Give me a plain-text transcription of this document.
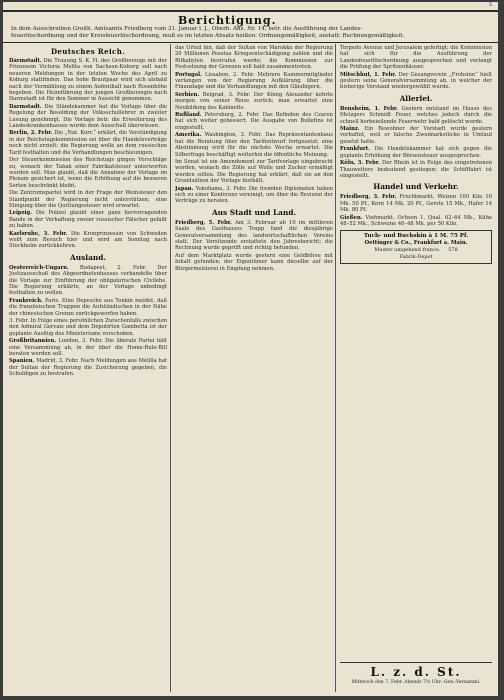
5
Berichtigung.
In dem Ausschreiben Großh. Amtsamts Friedberg vom 31. Januar l. J., Oberh. Anz. Nr. 14, betr. die Ausführung der Landes-
feuerlöschordnung und der Kreisfeuerlöschordnung, muß es im letzten Absatz heißen: Ordnungsmäßigkeit, anstatt: Rechnungsmäßigkeit.
Deutsches Reich.
Darmstadt. Die Trauung S. K. H. des Großherzogs mit der Prinzessin Victoria Melita von Sachsen-Koburg soll nach neueren Meldungen in der letzten Woche des April zu Koburg stattfinden. Das hohe Brautpaar wird sich alsbald nach der Vermählung zu einem Aufenthalt nach Rosenhöhe begeben. Die Heimführung der jungen Großherzogin nach Darmstadt ist für den Sommer in Aussicht genommen.
Darmstadt. Die Ständekammer hat die Vorlage über die Regelung der Besoldung der Volksschullehrer in zweiter Lesung genehmigt. Die Vorlage betr. die Erweiterung des Landeskrankenhauses wurde dem Ausschuß überwiesen.
Berlin, 2. Febr. Die „Nat. Korr.“ erklärt, die Verständigung in der Reichstagskommission sei über die Handelsverträge noch nicht erzielt; die Regierung wolle an dem russischen Tarif festhalten und die Verhandlungen beschleunigen.
Der Steuerkommission des Reichstags gingen Vorschläge zu, wonach der Tabak einer Fabrikatsteuer unterworfen werden soll. Man glaubt, daß die Annahme der Vorlage im Plenum gesichert ist, wenn die Erhöhung auf die besseren Sorten beschränkt bleibt.
Die Zentrumspartei wird in der Frage der Weinsteuer den Standpunkt der Regierung nicht unterstützen; eine Einigung über die Quittungssteuer wird erwartet.
Leipzig. Die Polizei glaubt einer ganz hervorragenden Bande in der Verhaftung zweier russischer Fälscher gefaßt zu haben.
Karlsruhe, 3. Febr. Die Kronprinzessin von Schweden weilt zum Besuch hier und wird am Sonntag nach Stockholm zurückkehren.
Ausland.
Oesterreich-Ungarn. Budapest, 2. Febr. Der Justizausschuß des Abgeordnetenhauses verhandelte über die Vorlage zur Einführung der obligatorischen Civilehe. Die Regierung erklärte, an der Vorlage unbedingt festhalten zu wollen.
Frankreich. Paris. Eine Depesche aus Tonkin meldet, daß die französischen Truppen die Aufständischen in der Nähe der chinesischen Grenze zurückgeworfen haben.
3. Febr. In Folge eines persönlichen Zwischenfalls zwischen den Admiral Gervais und dem Deputirten Gambetta ist der geplante Ausflug des Ministeriums verschoben.
Großbritannien. London, 3. Febr. Die liberale Partei hält eine Versammlung ab, in der über die Home-Rule-Bill beraten werden soll.
Spanien. Madrid, 3. Febr. Nach Meldungen aus Melilla hat der Sultan der Regierung die Zusicherung gegeben, die Schuldigen zu bestrafen.
das Urteil hin, daß der Sultan von Marokko der Regierung 20 Millionen Pesetas Kriegsentschädigung zahlen und die Rifkabylen bestrafen werde; die Kommission zur Festsetzung der Grenzen soll bald zusammentreten.
Portugal. Lissabon, 2. Febr. Mehrere Kammermitglieder verlangen von der Regierung Aufklärung über die Finanzlage und die Verhandlungen mit den Gläubigern.
Serbien. Belgrad, 3. Febr. Der König Alexander kehrte morgen von seiner Reise zurück; man erwartet eine Neubildung des Kabinetts.
Rußland. Petersburg, 2. Febr. Das Befinden des Czaren hat sich weiter gebessert. Die Ausgabe von Bulletins ist eingestellt.
Amerika. Washington, 3. Febr. Das Repräsentantenhaus hat die Beratung über den Tarifentwurf fortgesetzt; eine Abstimmung wird für die nächste Woche erwartet. Die Silberfrage beschäftigt weiterhin die öffentliche Meinung.
Im Senat ist ein Amendement zur Tarifvorlage eingebracht worden, wonach die Zölle auf Wolle und Zucker ermäßigt werden sollen. Die Regierung hat erklärt, daß sie an den Grundsätzen der Vorlage festhält.
Japan. Yokohama, 3. Febr. Die fremden Diplomaten haben sich zu einer Konferenz vereinigt, um über die Revision der Verträge zu beraten.
Aus Stadt und Land.
Friedberg, 5. Febr. Am 3. Februar ab 10 im mittleren Saale des Gasthauses Trapp fand die diesjährige Generalversammlung des landwirtschaftlichen Vereins statt. Der Vorsitzende erstattete den Jahresbericht; die Rechnung wurde geprüft und richtig befunden.
Auf dem Marktplatz wurde gestern eine Geldbörse mit Inhalt gefunden; der Eigentümer kann dieselbe auf der Bürgermeisterei in Empfang nehmen.
Torpedo Avenue und Jerusalem gefertigt; die Kommission hat sich für die Ausführung der Landesfeuerlöschordnung ausgesprochen und verlangt die Prüfung der Spritzenhäuser.
Mitschhut, 1. Febr. Der Gesangverein „Frohsinn“ hielt gestern seine Generalversammlung ab, in welcher der bisherige Vorstand wiedergewählt wurde.
Allerlei.
Bensheim, 1. Febr. Gestern entstand im Hause des Metzgers Schmidt Feuer, welches jedoch durch die schnell herbeieilende Feuerwehr bald gelöscht wurde.
Mainz. Ein Bewohner der Vorstadt wurde gestern verhaftet, weil er falsche Zweimarkstücke in Umlauf gesetzt hatte.
Frankfurt. Die Handelskammer hat sich gegen die geplante Erhöhung der Börsensteuer ausgesprochen.
Köln, 3. Febr. Der Rhein ist in Folge des eingetretenen Thauwetters bedeutend gestiegen; die Schifffahrt ist eingestellt.
Handel und Verkehr.
Friedberg, 3. Febr. Fruchtmarkt. Weizen 100 Kilo 16 Mk. 50 Pf., Korn 14 Mk. 20 Pf., Gerste 15 Mk., Hafer 14 Mk. 80 Pf.
Gießen. Viehmarkt. Ochsen 1. Qual. 62–64 Mk., Kühe 48–52 Mk., Schweine 46–48 Mk. per 50 Kilo.
Tuch- und Buckskin à 1 M. 75 Pf.
Oettinger & Co., Frankfurt a. Main.
Muster umgehend franco. 578
Fabrik-Depot
L. z. d. St.
Mittwoch den 7. Febr. Abends 7½ Uhr: Gen.-Versamml.
